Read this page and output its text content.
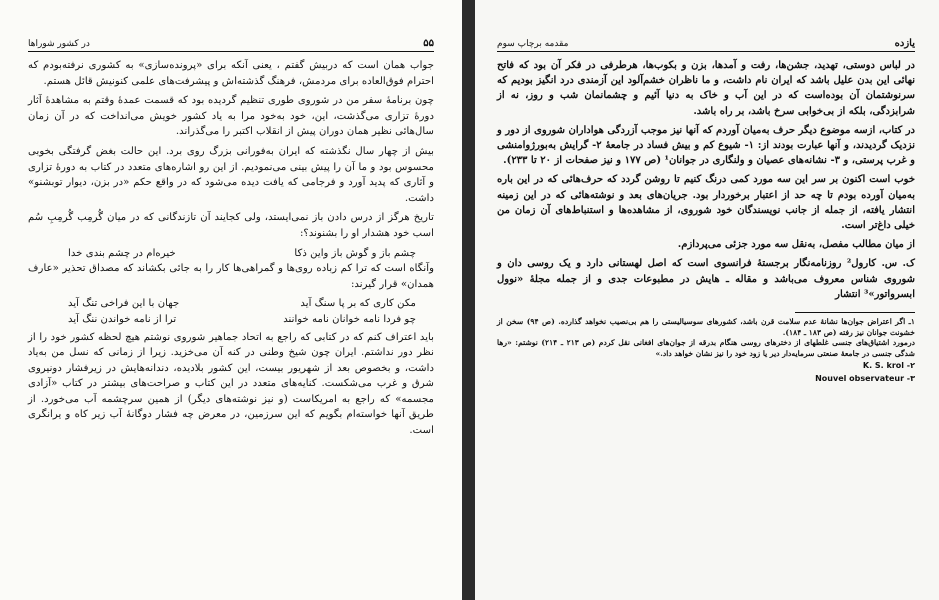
۵۵
در کشور شوراها

جواب همان است که دربیش گفتم ، یعنی آنکه برای «پرونده‌سازی» به کشوری نرفته‌بودم که احترام فوق‌العاده برای مردمش، فرهنگ گذشته‌اش و پیشرفت‌های علمی کنونیش قائل هستم.

چون برنامهٔ سفر من در شوروی طوری تنظیم گردیده بود که قسمت عمدهٔ وقتم به مشاهدهٔ آثار دورهٔ تزاری می‌گذشت، این، خود به‌خود مرا به یاد کشور خویش می‌انداخت که در آن زمان سال‌هائی نظیر همان دوران پیش از انقلاب اکتبر را می‌گذراند.

بیش از چهار سال نگذشته که ایران به‌فورانی بزرگ روی برد. این حالت بغض گرفتگی بخوبی محسوس بود و ما آن را پیش بینی می‌نمودیم. از این رو اشاره‌های متعدد در کتاب به دورهٔ تزاری و آثاری که پدید آورد و فرجامی که یافت دیده می‌شود که در واقع حکم «در بزن، دیوار توبشنو» داشت.

تاریخ هرگز از درس دادن باز نمی‌ایستد، ولی کجایند آن تازندگانی که در میان گُرمِب گُرمِبِ سُم اسب خود هشدار او را بشنوند؟:

چشم باز و گوش باز واین ذکا
خیره‌ام در چشم بندی خدا

وآنگاه است که ترا کم زباده روی‌ها و گمراهی‌ها کار را به جائی بکشاند که مصداق تحذیر «عارف همدان» قرار گیرند:

مکن کاری که بر پا سنگ آید
جهان با این فراخی تنگ آید
چو فردا نامه خوانان نامه خوانند
ترا از نامه خواندن ننگ آید

باید اعتراف کنم که در کتابی که راجع به اتحاد جماهیر شوروی نوشتم هیچ لحظه کشور خود را از نظر دور نداشتم. ایران چون شیخ وطنی در کنه آن می‌خزید. زیرا از زمانی که نسل من به‌یاد داشت، و بخصوص بعد از شهریور بیست، این کشور بلادیده، دندانه‌هایش در زیرفشار دونیروی شرق و غرب می‌شکست. کنایه‌های متعدد در این کتاب و صراحت‌های بیشتر در کتاب «آزادی مجسمه» که راجع به امریکاست (و نیز نوشته‌های دیگر) از همین سرچشمه آب می‌خورد. از طریق آنها خواسته‌ام بگویم که این سرزمین، در معرض چه فشار دوگانهٔ آب زیر کاه و یرانگری است.

یازده
مقدمه برچاپ سوم

در لباس دوستی، تهدید، جشن‌ها، رفت و آمدها، بزن و بکوب‌ها، هرطرفی در فکر آن بود که فاتح نهائی این بدن علیل باشد که ایران نام داشت، و ما ناظران خشم‌آلود این آزمندی درد انگیز بودیم که سرنوشتمان آن بوده‌است که در این آب و خاک به دنیا آئیم و چشمانمان شب و روز، نه از شرابزدگی، بلکه از بی‌خوابی سرخ باشد، بر راه باشد.

در کتاب، ازسه موضوع دیگر حرف به‌میان آوردم که آنها نیز موجب آزردگی هواداران شوروی از دور و نزدیک گردیدند، و آنها عبارت بودند از: ۱- شیوع کم و بیش فساد در جامعهٔ ۲- گرایش به‌بورژوامنشی و غرب پرستی، و ۳- نشانه‌های عصیان و ولنگاری در جوانان¹ (ص ۱۷۷ و نیز صفحات از ۲۰ تا ۲۳۳).

خوب است اکنون بر سر این سه مورد کمی درنگ کنیم تا روشن گردد که حرف‌هائی که در این باره به‌میان آورده بودم تا چه حد از اعتبار برخوردار بود. جریان‌های بعد و نوشته‌هائی که در این زمینه انتشار یافته، از جمله از جانب نویسندگان خود شوروی، از مشاهده‌ها و استنباط‌های آن زمان من خیلی داغ‌تر است.

از میان مطالب مفصل، به‌نقل سه مورد جزئی می‌پردازم.

ک. س. کارول² روزنامه‌نگار برجستهٔ فرانسوی است که اصل لهستانی دارد و یک روسی دان و شوروی شناس معروف می‌باشد و مقاله ـ هایش در مطبوعات جدی و از جمله مجلهٔ «نوول ابسرواتور»³ انتشار

۱ـ اگر اعتراض جوان‌ها نشانهٔ عدم سلامت قرن باشد، کشورهای سوسیالیستی را هم بی‌نصیب نخواهد گذارده. (ص ۹۴) سخن از خشونت جوانان نیز رفته (ص ۱۸۳ ـ ۱۸۴).

درمورد اشتیاق‌های جنسی غلطهای از دخترهای روسی هنگام بدرقه از جوان‌های افغانی نقل کردم (ص ۲۱۳ ـ ۲۱۴) نوشتم: «رها شدگی جنسی در جامعهٔ صنعتی سرمایه‌دار دیر یا زود خود را نیز نشان خواهد داد.»

K. S. krol -۲

Nouvel observateur -۳
